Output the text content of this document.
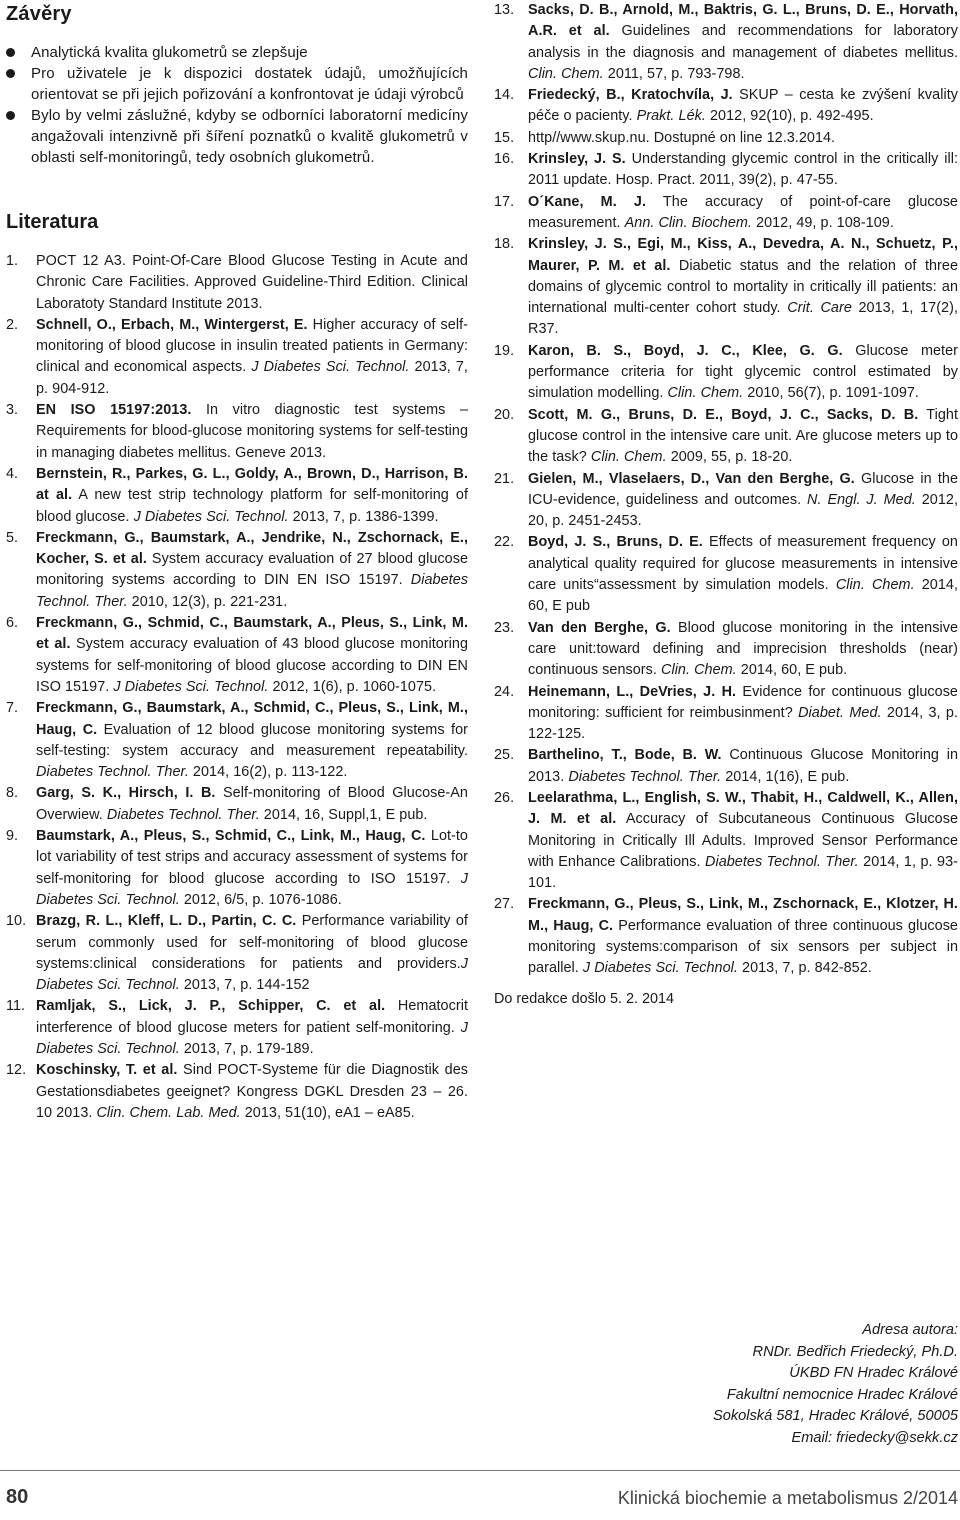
Závěry
Analytická kvalita glukometrů se zlepšuje
Pro uživatele je k dispozici dostatek údajů, umožňujících orientovat se při jejich pořizování a konfrontovat je údaji výrobců
Bylo by velmi záslužné, kdyby se odborníci laboratorní medicíny angažovali intenzivně při šíření poznatků o kvalitě glukometrů v oblasti self-monitoringů, tedy osobních glukometrů.
Literatura
1. POCT 12 A3. Point-Of-Care Blood Glucose Testing in Acute and Chronic Care Facilities. Approved Guideline-Third Edition. Clinical Laboratoty Standard Institute 2013.
2. Schnell, O., Erbach, M., Wintergerst, E. Higher accuracy of self-monitoring of blood glucose in insulin treated patients in Germany: clinical and economical aspects. J Diabetes Sci. Technol. 2013, 7, p. 904-912.
3. EN ISO 15197:2013. In vitro diagnostic test systems – Requirements for blood-glucose monitoring systems for self-testing in managing diabetes mellitus. Geneve 2013.
4. Bernstein, R., Parkes, G. L., Goldy, A., Brown, D., Harrison, B. at al. A new test strip technology platform for self-monitoring of blood glucose. J Diabetes Sci. Technol. 2013, 7, p. 1386-1399.
5. Freckmann, G., Baumstark, A., Jendrike, N., Zschornack, E., Kocher, S. et al. System accuracy evaluation of 27 blood glucose monitoring systems according to DIN EN ISO 15197. Diabetes Technol. Ther. 2010, 12(3), p. 221-231.
6. Freckmann, G., Schmid, C., Baumstark, A., Pleus, S., Link, M. et al. System accuracy evaluation of 43 blood glucose monitoring systems for self-monitoring of blood glucose according to DIN EN ISO 15197. J Diabetes Sci. Technol. 2012, 1(6), p. 1060-1075.
7. Freckmann, G., Baumstark, A., Schmid, C., Pleus, S., Link, M., Haug, C. Evaluation of 12 blood glucose monitoring systems for self-testing: system accuracy and measurement repeatability. Diabetes Technol. Ther. 2014, 16(2), p. 113-122.
8. Garg, S. K., Hirsch, I. B. Self-monitoring of Blood Glucose-An Overwiew. Diabetes Technol. Ther. 2014, 16, Suppl,1, E pub.
9. Baumstark, A., Pleus, S., Schmid, C., Link, M., Haug, C. Lot-to lot variability of test strips and accuracy assessment of systems for self-monitoring for blood glucose according to ISO 15197. J Diabetes Sci. Technol. 2012, 6/5, p. 1076-1086.
10. Brazg, R. L., Kleff, L. D., Partin, C. C. Performance variability of serum commonly used for self-monitoring of blood glucose systems:clinical considerations for patients and providers.J Diabetes Sci. Technol. 2013, 7, p. 144-152
11. Ramljak, S., Lick, J. P., Schipper, C. et al. Hematocrit interference of blood glucose meters for patient self-monitoring. J Diabetes Sci. Technol. 2013, 7, p. 179-189.
12. Koschinsky, T. et al. Sind POCT-Systeme für die Diagnostik des Gestationsdiabetes geeignet? Kongress DGKL Dresden 23 – 26. 10 2013. Clin. Chem. Lab. Med. 2013, 51(10), eA1 – eA85.
13. Sacks, D. B., Arnold, M., Baktris, G. L., Bruns, D. E., Horvath, A.R. et al. Guidelines and recommendations for laboratory analysis in the diagnosis and management of diabetes mellitus. Clin. Chem. 2011, 57, p. 793-798.
14. Friedecký, B., Kratochvíla, J. SKUP – cesta ke zvýšení kvality péče o pacienty. Prakt. Lék. 2012, 92(10), p. 492-495.
15. http//www.skup.nu. Dostupné on line 12.3.2014.
16. Krinsley, J. S. Understanding glycemic control in the critically ill: 2011 update. Hosp. Pract. 2011, 39(2), p. 47-55.
17. O´Kane, M. J. The accuracy of point-of-care glucose measurement. Ann. Clin. Biochem. 2012, 49, p. 108-109.
18. Krinsley, J. S., Egi, M., Kiss, A., Devedra, A. N., Schuetz, P., Maurer, P. M. et al. Diabetic status and the relation of three domains of glycemic control to mortality in critically ill patients: an international multi-center cohort study. Crit. Care 2013, 1, 17(2), R37.
19. Karon, B. S., Boyd, J. C., Klee, G. G. Glucose meter performance criteria for tight glycemic control estimated by simulation modelling. Clin. Chem. 2010, 56(7), p. 1091-1097.
20. Scott, M. G., Bruns, D. E., Boyd, J. C., Sacks, D. B. Tight glucose control in the intensive care unit. Are glucose meters up to the task? Clin. Chem. 2009, 55, p. 18-20.
21. Gielen, M., Vlaselaers, D., Van den Berghe, G. Glucose in the ICU-evidence, guideliness and outcomes. N. Engl. J. Med. 2012, 20, p. 2451-2453.
22. Boyd, J. S., Bruns, D. E. Effects of measurement frequency on analytical quality required for glucose measurements in intensive care units“assessment by simulation models. Clin. Chem. 2014, 60, E pub
23. Van den Berghe, G. Blood glucose monitoring in the intensive care unit:toward defining and imprecision thresholds (near) continuous sensors. Clin. Chem. 2014, 60, E pub.
24. Heinemann, L., DeVries, J. H. Evidence for continuous glucose monitoring: sufficient for reimbusinment? Diabet. Med. 2014, 3, p. 122-125.
25. Barthelino, T., Bode, B. W. Continuous Glucose Monitoring in 2013. Diabetes Technol. Ther. 2014, 1(16), E pub.
26. Leelarathma, L., English, S. W., Thabit, H., Caldwell, K., Allen, J. M. et al. Accuracy of Subcutaneous Continuous Glucose Monitoring in Critically Ill Adults. Improved Sensor Performance with Enhance Calibrations. Diabetes Technol. Ther. 2014, 1, p. 93-101.
27. Freckmann, G., Pleus, S., Link, M., Zschornack, E., Klotzer, H. M., Haug, C. Performance evaluation of three continuous glucose monitoring systems:comparison of six sensors per subject in parallel. J Diabetes Sci. Technol. 2013, 7, p. 842-852.
Do redakce došlo 5. 2. 2014
Adresa autora:
RNDr. Bedřich Friedecký, Ph.D.
ÚKBD FN Hradec Králové
Fakultní nemocnice Hradec Králové
Sokolská 581, Hradec Králové, 50005
Email: friedecky@sekk.cz
80	Klinická biochemie a metabolismus 2/2014
